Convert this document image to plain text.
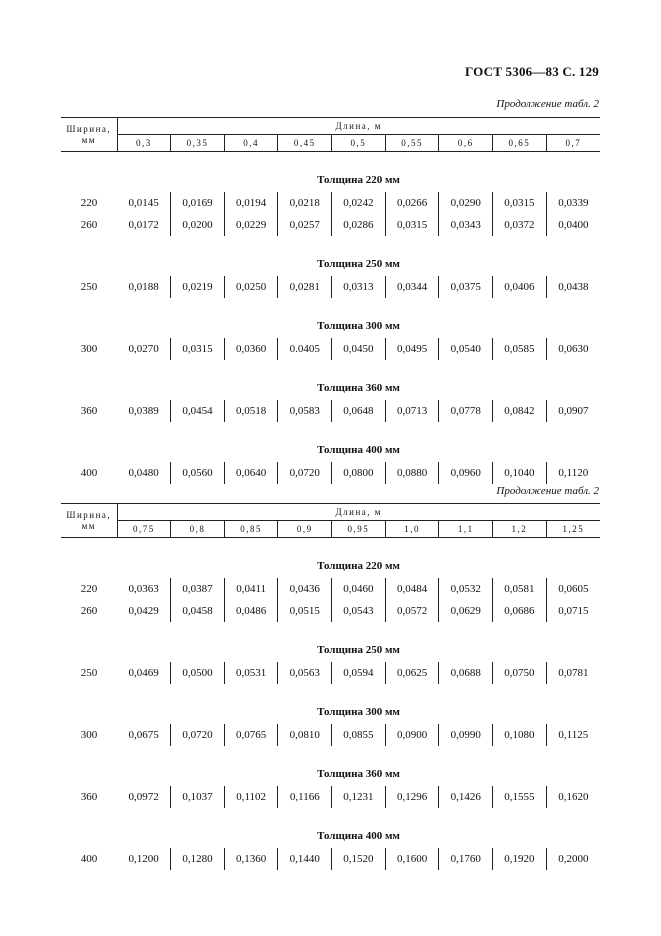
ГОСТ 5306—83 С. 129
Продолжение табл. 2
Ширина,
мм	Длина, м								
	0,3	0,35	0,4	0,45	0,5	0,55	0,6	0,65	0,7
	Толщина 220 мм								
220	0,0145	0,0169	0,0194	0,0218	0,0242	0,0266	0,0290	0,0315	0,0339
260	0,0172	0,0200	0,0229	0,0257	0,0286	0,0315	0,0343	0,0372	0,0400
	Толщина 250 мм								
250	0,0188	0,0219	0,0250	0,0281	0,0313	0,0344	0,0375	0,0406	0,0438
	Толщина 300 мм								
300	0,0270	0,0315	0,0360	0.0405	0,0450	0,0495	0,0540	0,0585	0,0630
	Толщина 360 мм								
360	0,0389	0,0454	0,0518	0,0583	0,0648	0,0713	0,0778	0,0842	0,0907
	Толщина 400 мм								
400	0,0480	0,0560	0,0640	0,0720	0,0800	0,0880	0,0960	0,1040	0,1120
Продолжение табл. 2
Ширина,
мм	Длина, м								
	0,75	0,8	0,85	0,9	0,95	1,0	1,1	1,2	1,25
	Толщина 220 мм								
220	0,0363	0,0387	0,0411	0,0436	0,0460	0,0484	0,0532	0,0581	0,0605
260	0,0429	0,0458	0,0486	0,0515	0,0543	0,0572	0,0629	0,0686	0,0715
	Толщина 250 мм								
250	0,0469	0,0500	0,0531	0,0563	0,0594	0,0625	0,0688	0,0750	0,0781
	Толщина 300 мм								
300	0,0675	0,0720	0,0765	0,0810	0,0855	0,0900	0,0990	0,1080	0,1125
	Толщина 360 мм								
360	0,0972	0,1037	0,1102	0,1166	0,1231	0,1296	0,1426	0,1555	0,1620
	Толщина 400 мм								
400	0,1200	0,1280	0,1360	0,1440	0,1520	0,1600	0,1760	0,1920	0,2000
